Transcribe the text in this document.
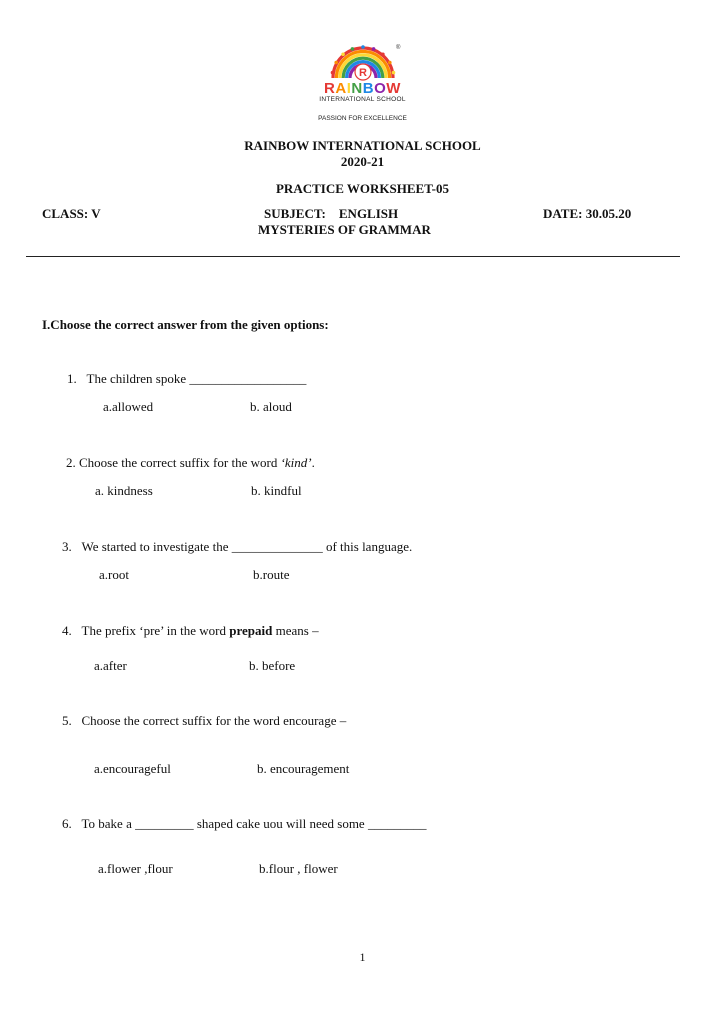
R
®
RAINBOW
INTERNATIONAL SCHOOL
PASSION FOR EXCELLENCE
RAINBOW INTERNATIONAL SCHOOL
2020-21
PRACTICE WORKSHEET-05
CLASS: V	SUBJECT:    ENGLISH
MYSTERIES OF GRAMMAR
DATE: 30.05.20
I.Choose the correct answer from the given options:
1. The children spoke __________________
a.allowed	b. aloud
2. Choose the correct suffix for the word ‘kind’.
a. kindness	b. kindful
3. We started to investigate the ______________ of this language.
a.root	b.route
4. The prefix ‘pre’ in the word prepaid means –
a.after	b. before
5. Choose the correct suffix for the word encourage –
a.encourageful	b. encouragement
6. To bake a _________ shaped cake uou will need some _________
a.flower ,flour	b.flour , flower
1
